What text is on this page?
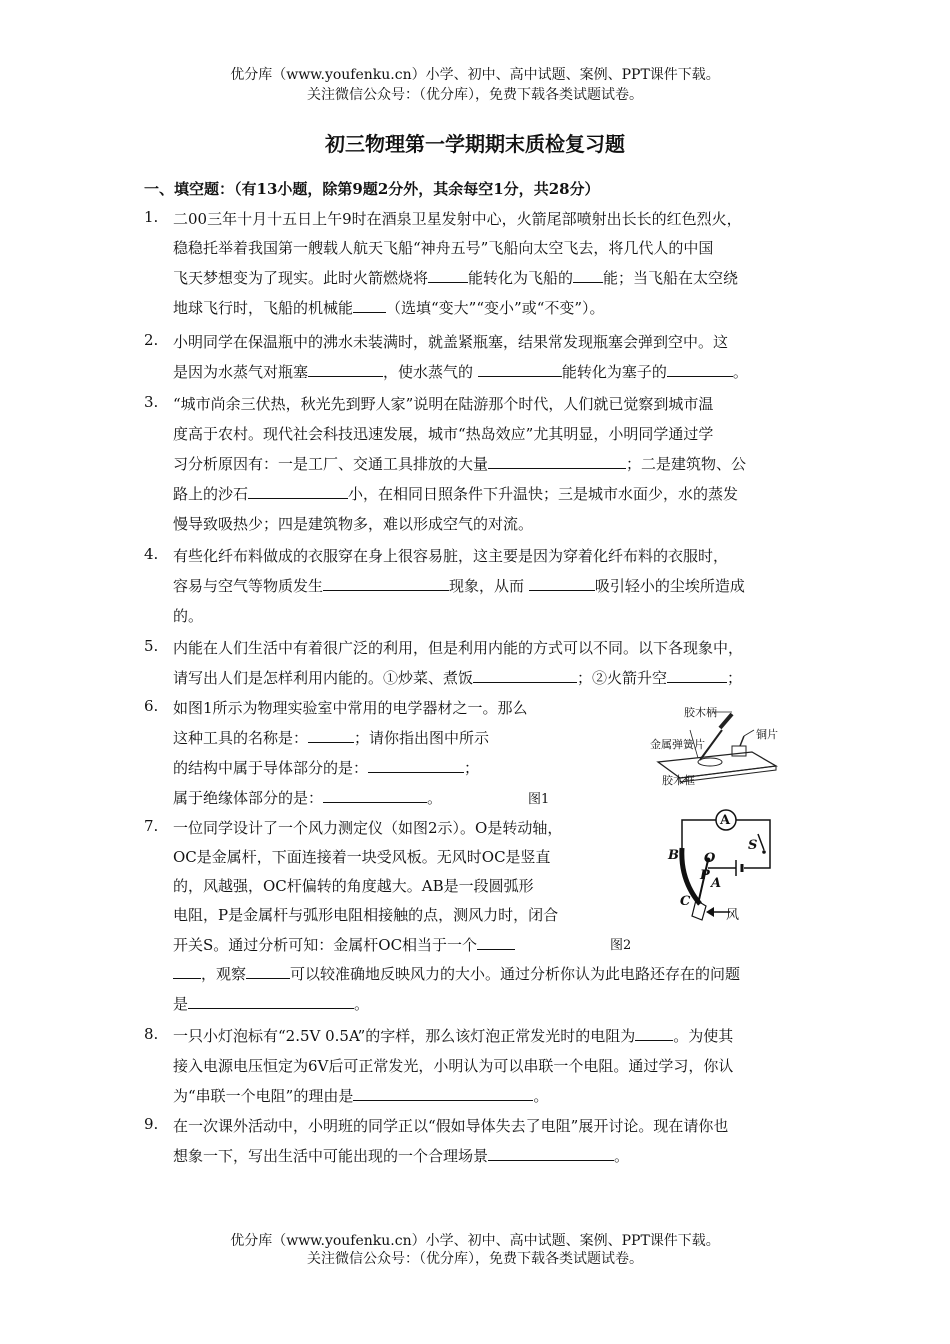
优分库（www.youfenku.cn）小学、初中、高中试题、案例、PPT课件下载。
关注微信公众号：（优分库），免费下载各类试题试卷。
初三物理第一学期期末质检复习题
一、填空题：（有13小题，除第9题2分外，其余每空1分，共28分）
1. 二00三年十月十五日上午9时在酒泉卫星发射中心，火箭尾部喷射出长长的红色烈火，
稳稳托举着我国第一艘载人航天飞船“神舟五号”飞船向太空飞去，将几代人的中国
飞天梦想变为了现实。此时火箭燃烧将	能转化为飞船的 能；当飞船在太空绕
地球飞行时，飞船的机械能 （选填“变大”“变小”或“不变”）。
2. 小明同学在保温瓶中的沸水未装满时，就盖紧瓶塞，结果常发现瓶塞会弹到空中。这
是因为水蒸气对瓶塞	，使水蒸气的	能转化为塞子的	。
3. “城市尚余三伏热，秋光先到野人家”说明在陆游那个时代，人们就已觉察到城市温
度高于农村。现代社会科技迅速发展，城市“热岛效应”尤其明显，小明同学通过学
习分析原因有：一是工厂、交通工具排放的大量	；二是建筑物、公
路上的沙石	小，在相同日照条件下升温快；三是城市水面少，水的蒸发
慢导致吸热少；四是建筑物多，难以形成空气的对流。
4. 有些化纤布料做成的衣服穿在身上很容易脏，这主要是因为穿着化纤布料的衣服时，
容易与空气等物质发生	现象，从而	吸引轻小的尘埃所造成
的。
5. 内能在人们生活中有着很广泛的利用，但是利用内能的方式可以不同。以下各现象中，
请写出人们是怎样利用内能的。①炒菜、煮饭	；②火箭升空	；
6. 如图1所示为物理实验室中常用的电学器材之一。那么
这种工具的名称是：	；请你指出图中所示
的结构中属于导体部分的是：	；
属于绝缘体部分的是：	。
胶木柄
铜片
金属弹簧片
胶木框
图1
7. 一位同学设计了一个风力测定仪（如图2示）。O是转动轴，
OC是金属杆，下面连接着一块受风板。无风时OC是竖直
的，风越强，OC杆偏转的角度越大。AB是一段圆弧形
电阻，P是金属杆与弧形电阻相接触的点，测风力时，闭合
开关S。通过分析可知：金属杆OC相当于一个
，观察	可以较准确地反映风力的大小。通过分析你认为此电路还存在的问题
是	。
A
S
B O
P
A
C
风
图2
8. 一只小灯泡标有“2.5V 0.5A”的字样，那么该灯泡正常发光时的电阻为	。为使其
接入电源电压恒定为6V后可正常发光，小明认为可以串联一个电阻。通过学习，你认
为“串联一个电阻”的理由是	。
9. 在一次课外活动中，小明班的同学正以“假如导体失去了电阻”展开讨论。现在请你也
想象一下，写出生活中可能出现的一个合理场景	。
优分库（www.youfenku.cn）小学、初中、高中试题、案例、PPT课件下载。
关注微信公众号：（优分库），免费下载各类试题试卷。
